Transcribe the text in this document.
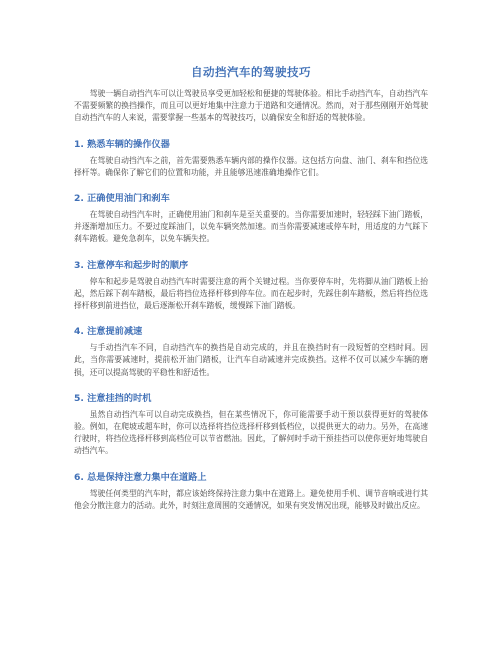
自动挡汽车的驾驶技巧

驾驶一辆自动挡汽车可以让驾驶员享受更加轻松和便捷的驾驶体验。相比手动挡汽车，自动挡汽车不需要频繁的换挡操作，而且可以更好地集中注意力于道路和交通情况。然而，对于那些刚刚开始驾驶自动挡汽车的人来说，需要掌握一些基本的驾驶技巧，以确保安全和舒适的驾驶体验。

1. 熟悉车辆的操作仪器

在驾驶自动挡汽车之前，首先需要熟悉车辆内部的操作仪器。这包括方向盘、油门、刹车和挡位选择杆等。确保你了解它们的位置和功能，并且能够迅速准确地操作它们。

2. 正确使用油门和刹车

在驾驶自动挡汽车时，正确使用油门和刹车是至关重要的。当你需要加速时，轻轻踩下油门踏板，并逐渐增加压力。不要过度踩油门，以免车辆突然加速。而当你需要减速或停车时，用适度的力气踩下刹车踏板。避免急刹车，以免车辆失控。

3. 注意停车和起步时的顺序

停车和起步是驾驶自动挡汽车时需要注意的两个关键过程。当你要停车时，先将脚从油门踏板上抬起，然后踩下刹车踏板，最后将挡位选择杆移到停车位。而在起步时，先踩住刹车踏板，然后将挡位选择杆移到前进挡位，最后逐渐松开刹车踏板，缓慢踩下油门踏板。

4. 注意提前减速

与手动挡汽车不同，自动挡汽车的换挡是自动完成的，并且在换挡时有一段短暂的空档时间。因此，当你需要减速时，提前松开油门踏板，让汽车自动减速并完成换挡。这样不仅可以减少车辆的磨损，还可以提高驾驶的平稳性和舒适性。

5. 注意挂挡的时机

虽然自动挡汽车可以自动完成换挡，但在某些情况下，你可能需要手动干预以获得更好的驾驶体验。例如，在爬坡或超车时，你可以选择将挡位选择杆移到低档位，以提供更大的动力。另外，在高速行驶时，将挡位选择杆移到高档位可以节省燃油。因此，了解何时手动干预挂挡可以使你更好地驾驶自动挡汽车。

6. 总是保持注意力集中在道路上

驾驶任何类型的汽车时，都应该始终保持注意力集中在道路上。避免使用手机、调节音响或进行其他会分散注意力的活动。此外，时刻注意周围的交通情况，如果有突发情况出现，能够及时做出反应。
